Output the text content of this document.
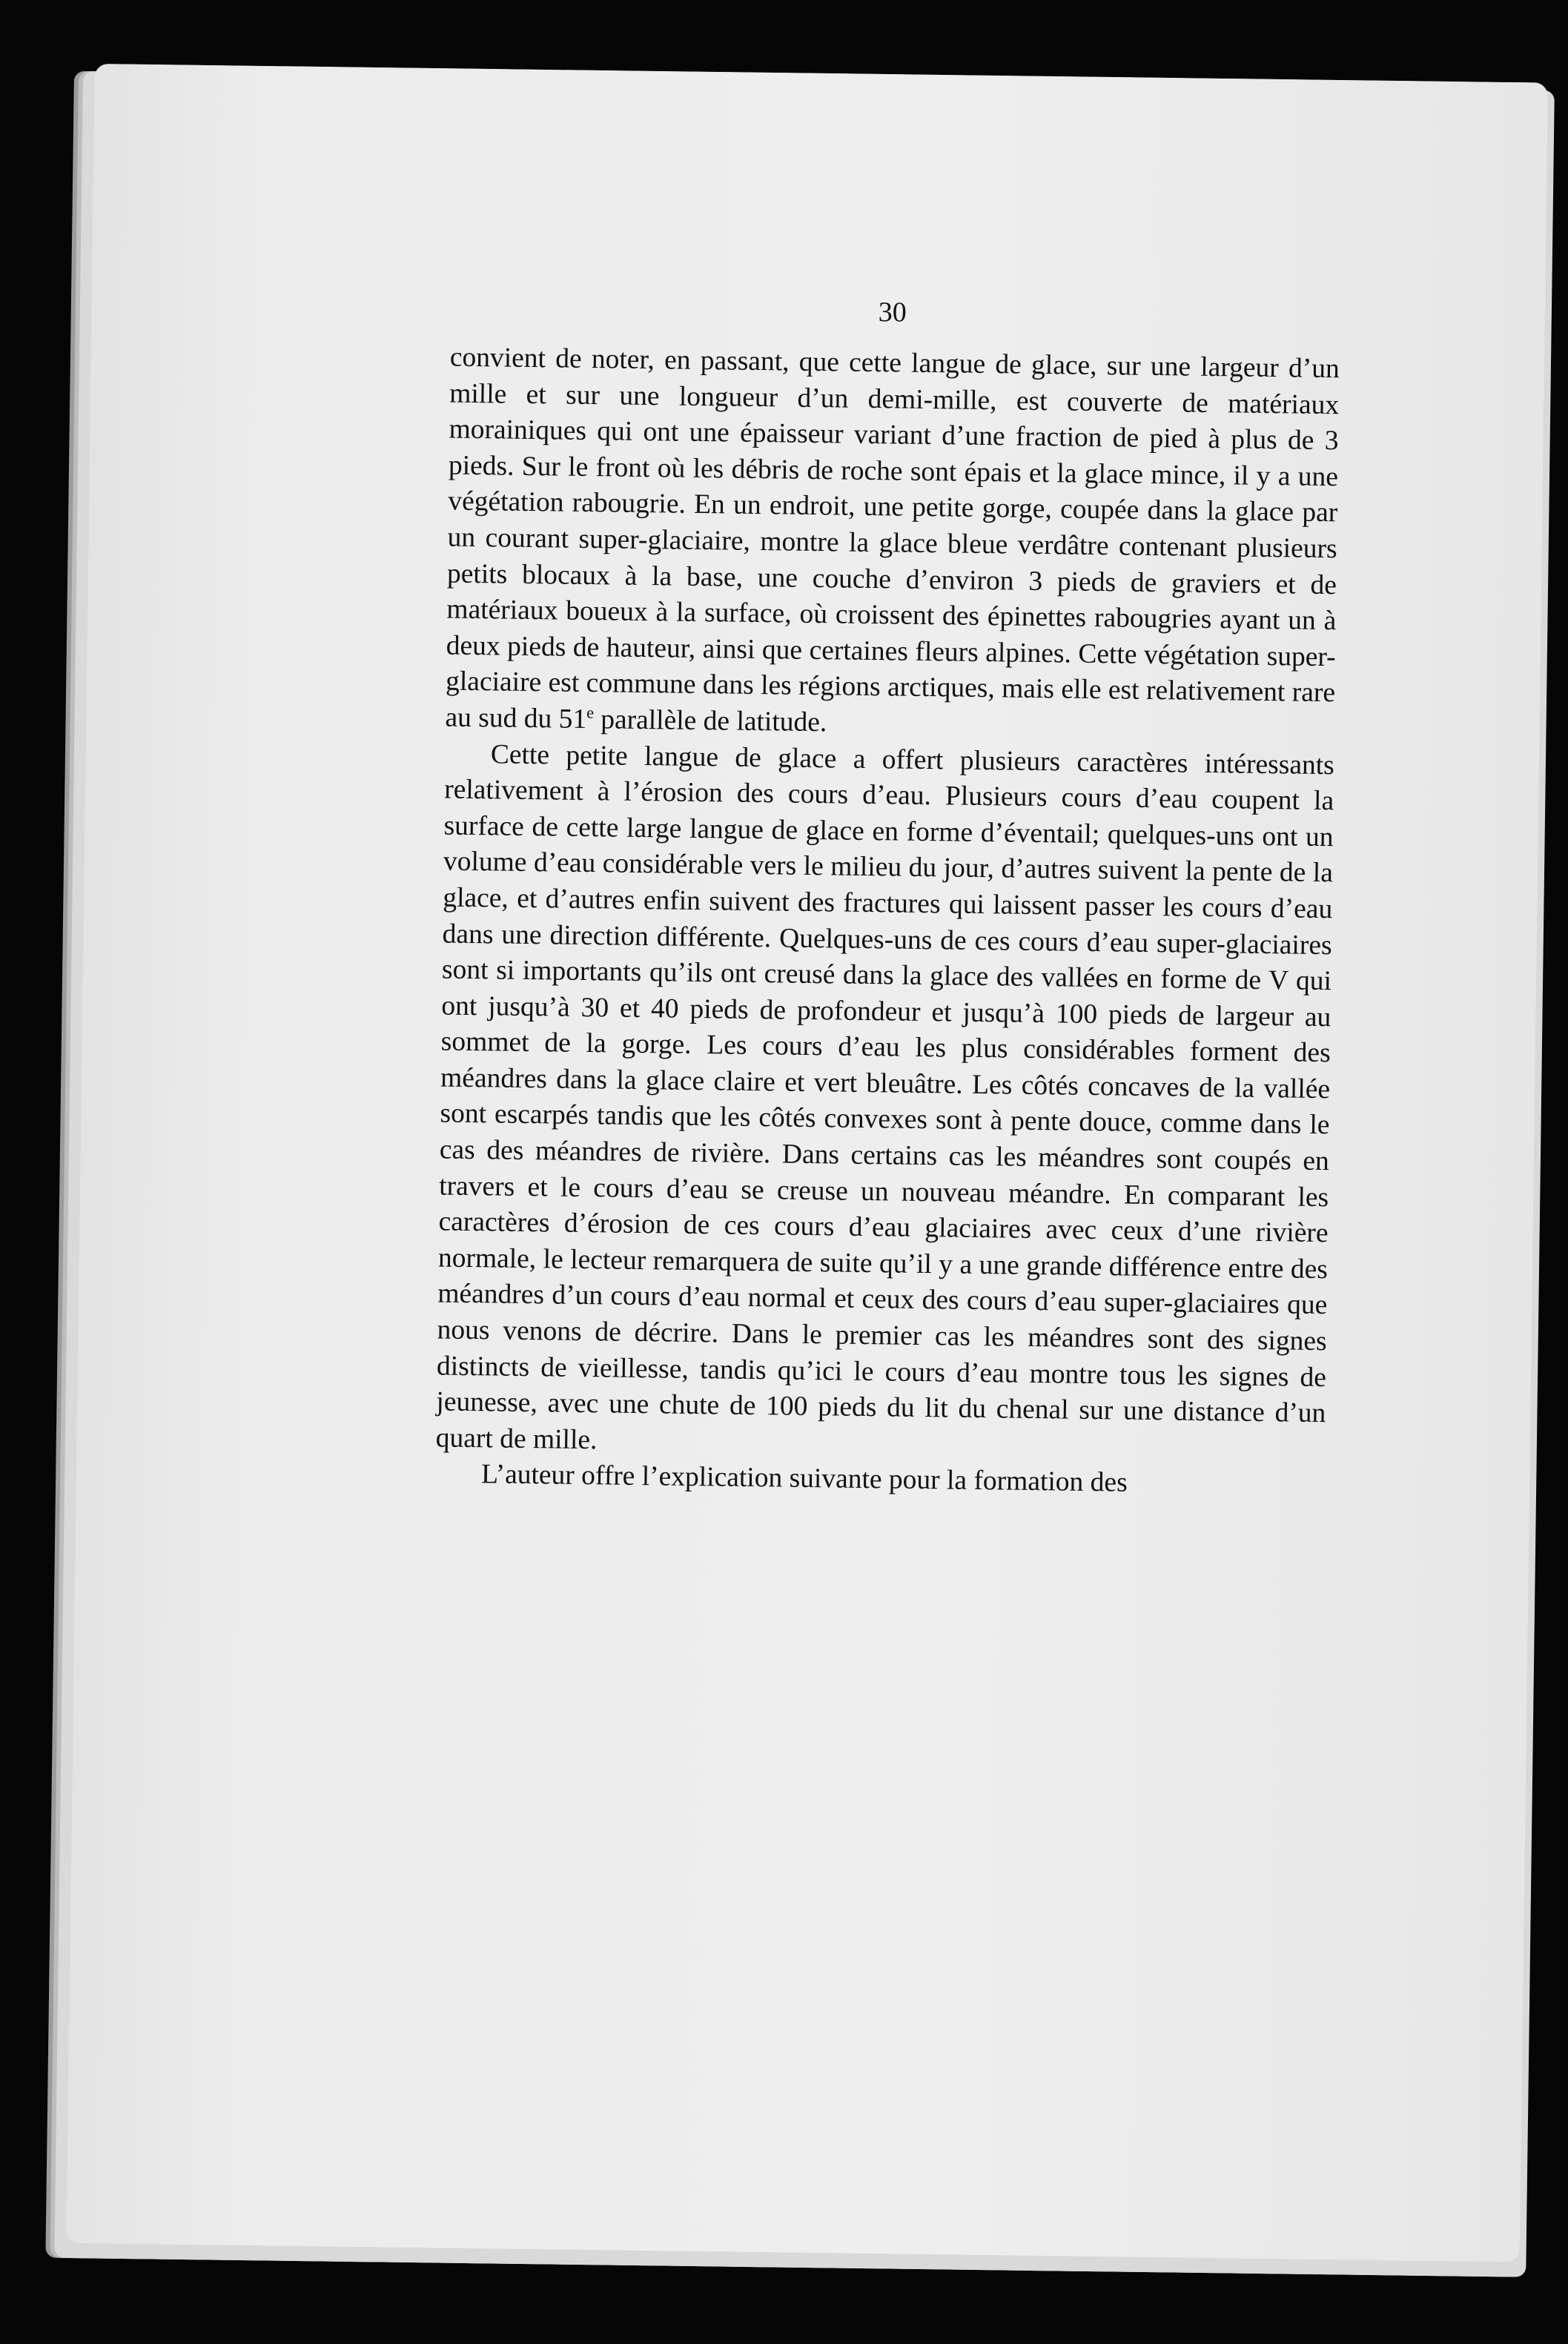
30

convient de noter, en passant, que cette langue de glace, sur une largeur d’un mille et sur une longueur d’un demi-mille, est couverte de matériaux morainiques qui ont une épaisseur variant d’une fraction de pied à plus de 3 pieds. Sur le front où les débris de roche sont épais et la glace mince, il y a une végétation rabougrie. En un endroit, une petite gorge, coupée dans la glace par un courant super-glaciaire, montre la glace bleue verdâtre contenant plusieurs petits blocaux à la base, une couche d’environ 3 pieds de graviers et de matériaux boueux à la surface, où croissent des épinettes rabougries ayant un à deux pieds de hauteur, ainsi que certaines fleurs alpines. Cette végétation super-glaciaire est commune dans les régions arctiques, mais elle est relativement rare au sud du 51e parallèle de latitude.

Cette petite langue de glace a offert plusieurs caractères intéressants relativement à l’érosion des cours d’eau. Plusieurs cours d’eau coupent la surface de cette large langue de glace en forme d’éventail; quelques-uns ont un volume d’eau considérable vers le milieu du jour, d’autres suivent la pente de la glace, et d’autres enfin suivent des fractures qui laissent passer les cours d’eau dans une direction différente. Quelques-uns de ces cours d’eau super-glaciaires sont si importants qu’ils ont creusé dans la glace des vallées en forme de V qui ont jusqu’à 30 et 40 pieds de profondeur et jusqu’à 100 pieds de largeur au sommet de la gorge. Les cours d’eau les plus considérables forment des méandres dans la glace claire et vert bleuâtre. Les côtés concaves de la vallée sont escarpés tandis que les côtés convexes sont à pente douce, comme dans le cas des méandres de rivière. Dans certains cas les méandres sont coupés en travers et le cours d’eau se creuse un nouveau méandre. En comparant les caractères d’érosion de ces cours d’eau glaciaires avec ceux d’une rivière normale, le lecteur remarquera de suite qu’il y a une grande différence entre des méandres d’un cours d’eau normal et ceux des cours d’eau super-glaciaires que nous venons de décrire. Dans le premier cas les méandres sont des signes distincts de vieillesse, tandis qu’ici le cours d’eau montre tous les signes de jeunesse, avec une chute de 100 pieds du lit du chenal sur une distance d’un quart de mille.

L’auteur offre l’explication suivante pour la formation des
